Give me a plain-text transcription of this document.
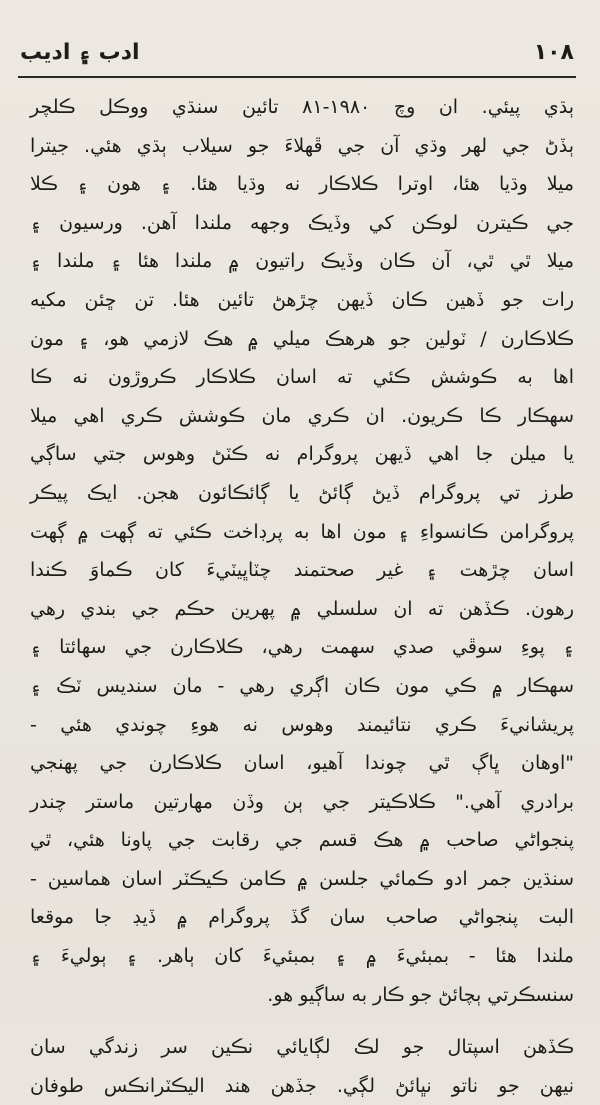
١٠٨
ادب ۽ اديب
ٻڌي پيئي. ان وچ ١٩٨٠-٨١ تائين سنڌي ووڪل ڪلچر
ٻڏڻ جي لهر وڌي آن جي ڦهلاءَ جو سيلاب ٻڌي هئي. جيترا
ميلا وڌيا هئا، اوترا ڪلاڪار نه وڌيا هئا. ۽ هون ۽ ڪلا
جي ڪيترن لوڪن کي وڏيڪ وجهه ملندا آهن. ورسيون ۽
ميلا ٿي ٿي، آن ڪان وڏيڪ راتيون ۾ ملندا هئا ۽ ملندا ۽
رات جو ڏهين ڪان ڏيهن چڙهڻ تائين هئا. تن ڇئن مکيه
ڪلاڪارن / ٽولين جو هرهڪ ميلي ۾ هڪ لازمي هو، ۽ مون
اها به ڪوشش ڪئي ته اسان ڪلاڪار ڪروڙون نه ڪا
سهڪار ڪا ڪريون. ان ڪري مان ڪوشش ڪري اهي ميلا
يا ميلن جا اهي ڏيهن پروگرام نه ڪٽڻ وهوس جتي ساڳي
طرز تي پروگرام ڏيڻ ڳائڻ يا ڳائڪائون هجن. ايڪ پيڪر
پروگرامن ڪانسواءِ ۽ مون اها به پرڊاخت ڪئي ته ڳهت ۾ ڳهت
اسان چڙهت ۽ غير صحتمند چٽاڀيٽيءَ کان ڪماوَ ڪندا
رهون. ڪڏهن ته ان سلسلي ۾ پهرين حڪم جي بندي رهي
۽ پوءِ سوڦي صدي سهمت رهي، ڪلاڪارن جي سهائتا ۽
سهڪار ۾ ڪي مون ڪان اڳري رهي - مان سنديس ٽڪ ۽
پريشانيءَ ڪري نتائيمند وهوس نه هوءِ چوندي هئي -
"اوهان ڀاڳ ٿي چوندا آهيو، اسان ڪلاڪارن جي پهنجي
برادري آهي." ڪلاڪيتر جي ٻن وڏن مهارتين ماستر چندر
پنجواڻي صاحب ۾ هڪ قسم جي رقابت جي پاونا هئي، ٿي
سنڌين جمر ادو ڪمائي جلسن ۾ ڪامن ڪيڪٽر اسان هماسين -
البت پنجواڻي صاحب سان گڏ پروگرام ۾ ڏيڊ جا موقعا
ملندا هئا - بمبئيءَ ۾ ۽ بمبئيءَ کان ٻاهر. ۽ ٻوليءَ ۽
سنسڪرتي ٻچائڻ جو ڪار به ساڳيو هو.
ڪڏهن اسپتال جو لڪ لڳايائي نڪين سر زندگي سان
نيهن جو ناتو نڀائڻ لڳي. جڏهن هند اليڪٽرانڪس طوفان
